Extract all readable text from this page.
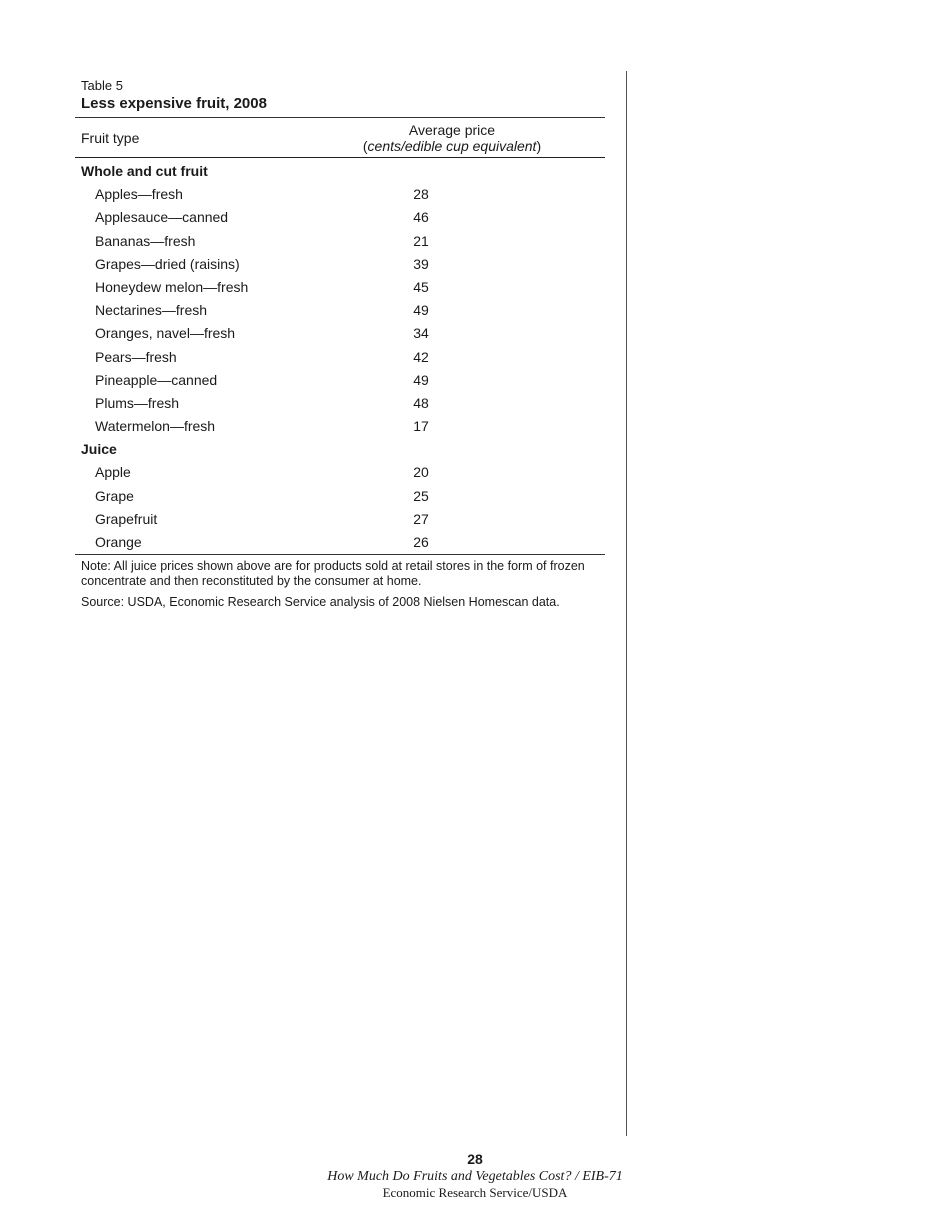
Table 5
Less expensive fruit, 2008
Fruit type	Average price
(cents/edible cup equivalent)
Whole and cut fruit
Apples—fresh	28
Applesauce—canned	46
Bananas—fresh	21
Grapes—dried (raisins)	39
Honeydew melon—fresh	45
Nectarines—fresh	49
Oranges, navel—fresh	34
Pears—fresh	42
Pineapple—canned	49
Plums—fresh	48
Watermelon—fresh	17
Juice
Apple	20
Grape	25
Grapefruit	27
Orange	26
Note: All juice prices shown above are for products sold at retail stores in the form of frozen concentrate and then reconstituted by the consumer at home.
Source: USDA, Economic Research Service analysis of 2008 Nielsen Homescan data.
28
How Much Do Fruits and Vegetables Cost? / EIB-71
Economic Research Service/USDA
